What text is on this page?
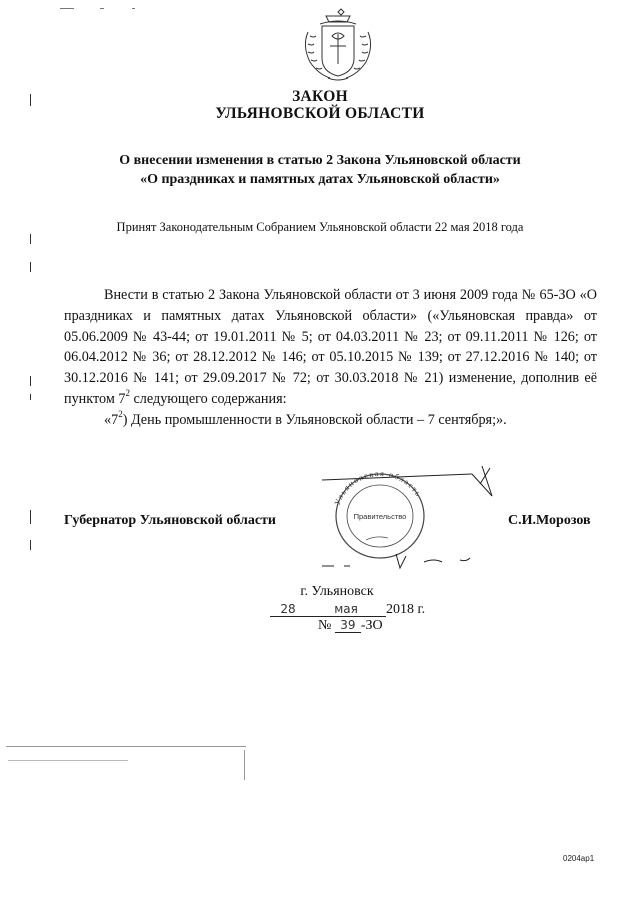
ЗАКОН
УЛЬЯНОВСКОЙ ОБЛАСТИ
О внесении изменения в статью 2 Закона Ульяновской области
«О праздниках и памятных датах Ульяновской области»
Принят Законодательным Собранием Ульяновской области 22 мая 2018 года

Внести в статью 2 Закона Ульяновской области от 3 июня 2009 года № 65-ЗО «О праздниках и памятных датах Ульяновской области» («Ульяновская правда» от 05.06.2009 № 43-44; от 19.01.2011 № 5; от 04.03.2011 № 23; от 09.11.2011 № 126; от 06.04.2012 № 36; от 28.12.2012 № 146; от 05.10.2015 № 139; от 27.12.2016 № 140; от 30.12.2016 № 141; от 29.09.2017 № 72; от 30.03.2018 № 21) изменение, дополнив её пунктом $7^2$ следующего содержания:

«$7^2$) День промышленности в Ульяновской области – 7 сентября;».

Ульяновская область
Правительство
Губернатор Ульяновской области	С.И.Морозов
г. Ульяновск
28	мая 2018 г.
№ 39 -ЗО
0204ар1
